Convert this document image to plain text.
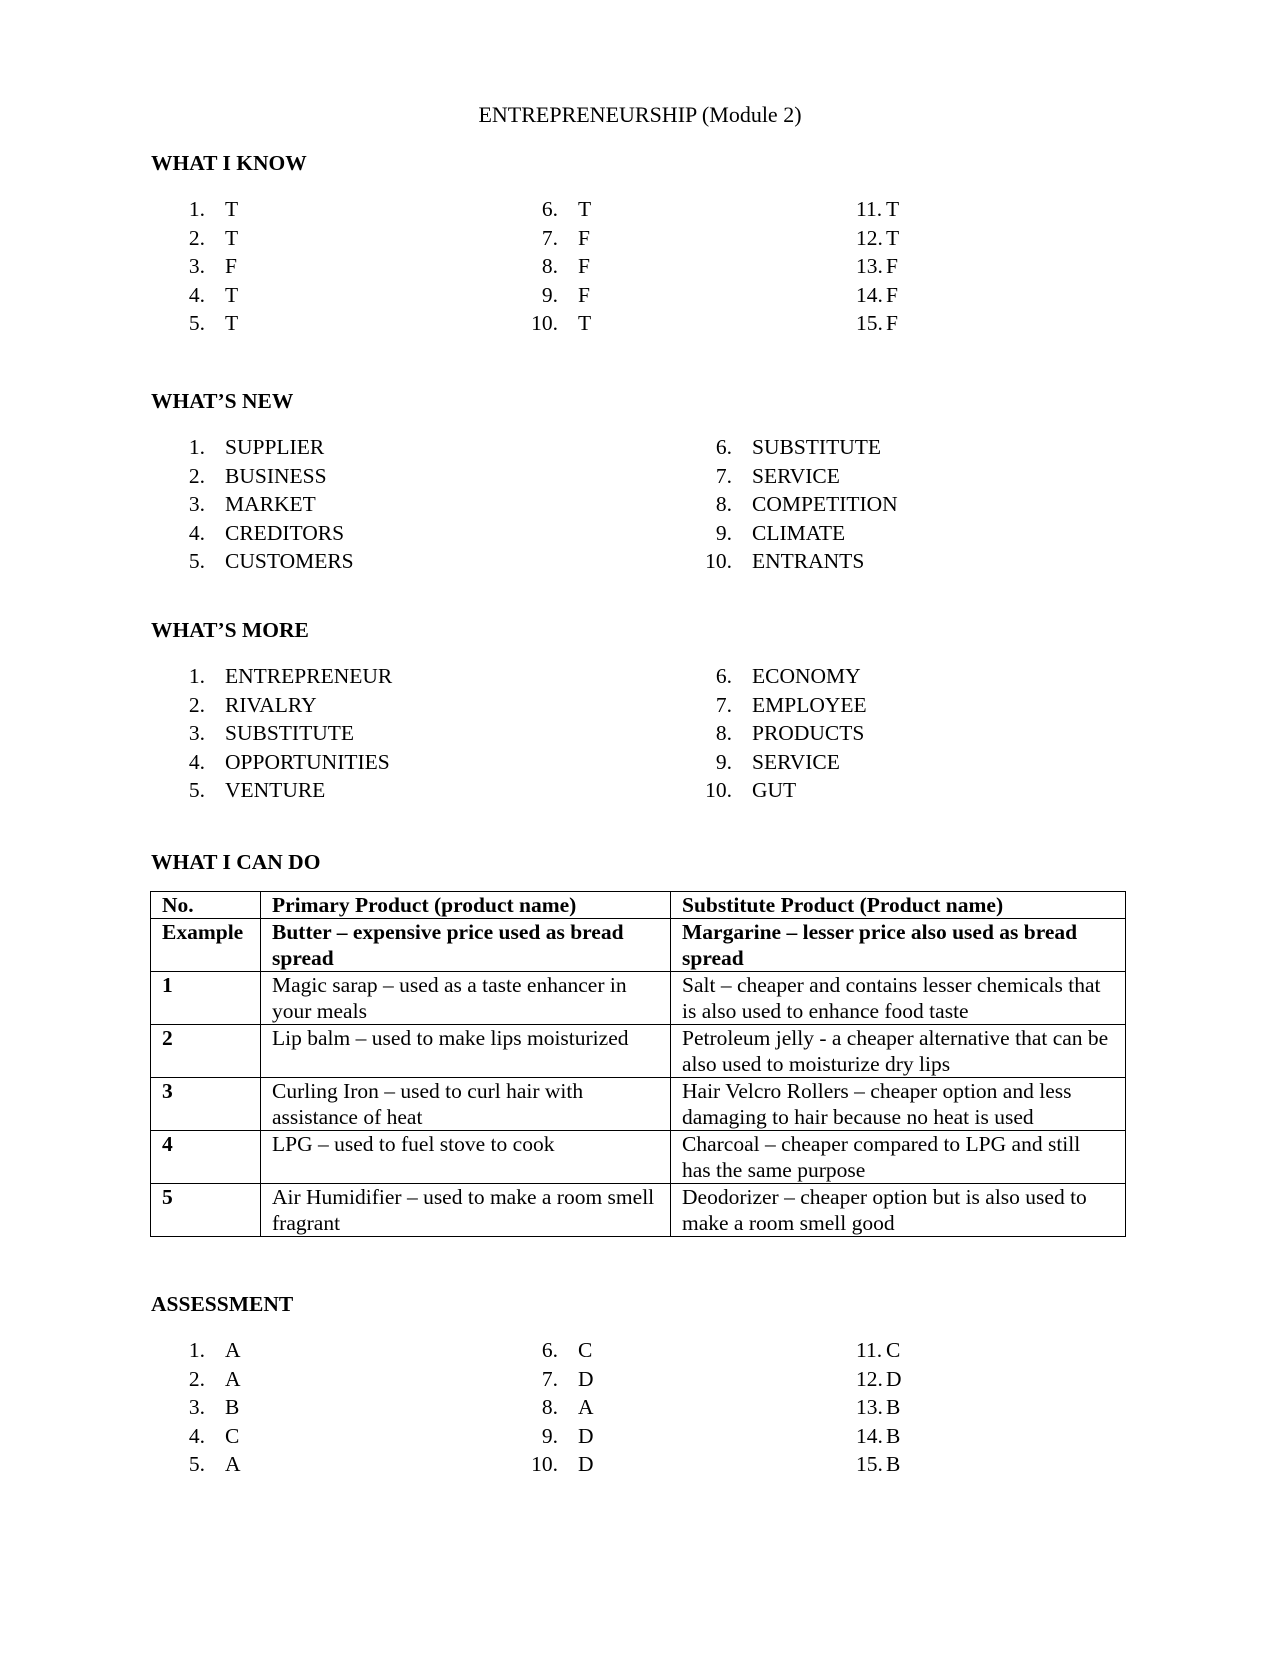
ENTREPRENEURSHIP (Module 2)
WHAT I KNOW
1. T
2. T
3. F
4. T
5. T
6. T
7. F
8. F
9. F
10. T
11. T
12. T
13. F
14. F
15. F
WHAT’S NEW
1. SUPPLIER
2. BUSINESS
3. MARKET
4. CREDITORS
5. CUSTOMERS
6. SUBSTITUTE
7. SERVICE
8. COMPETITION
9. CLIMATE
10. ENTRANTS
WHAT’S MORE
1. ENTREPRENEUR
2. RIVALRY
3. SUBSTITUTE
4. OPPORTUNITIES
5. VENTURE
6. ECONOMY
7. EMPLOYEE
8. PRODUCTS
9. SERVICE
10. GUT
WHAT I CAN DO
No.	Primary Product (product name)	Substitute Product (Product name)
Example	Butter – expensive price used as bread spread	Margarine – lesser price also used as bread spread
1	Magic sarap – used as a taste enhancer in your meals	Salt – cheaper and contains lesser chemicals that is also used to enhance food taste
2	Lip balm – used to make lips moisturized	Petroleum jelly - a cheaper alternative that can be also used to moisturize dry lips
3	Curling Iron – used to curl hair with assistance of heat	Hair Velcro Rollers – cheaper option and less damaging to hair because no heat is used
4	LPG – used to fuel stove to cook	Charcoal – cheaper compared to LPG and still has the same purpose
5	Air Humidifier – used to make a room smell fragrant	Deodorizer – cheaper option but is also used to make a room smell good
ASSESSMENT
1. A
2. A
3. B
4. C
5. A
6. C
7. D
8. A
9. D
10. D
11. C
12. D
13. B
14. B
15. B
